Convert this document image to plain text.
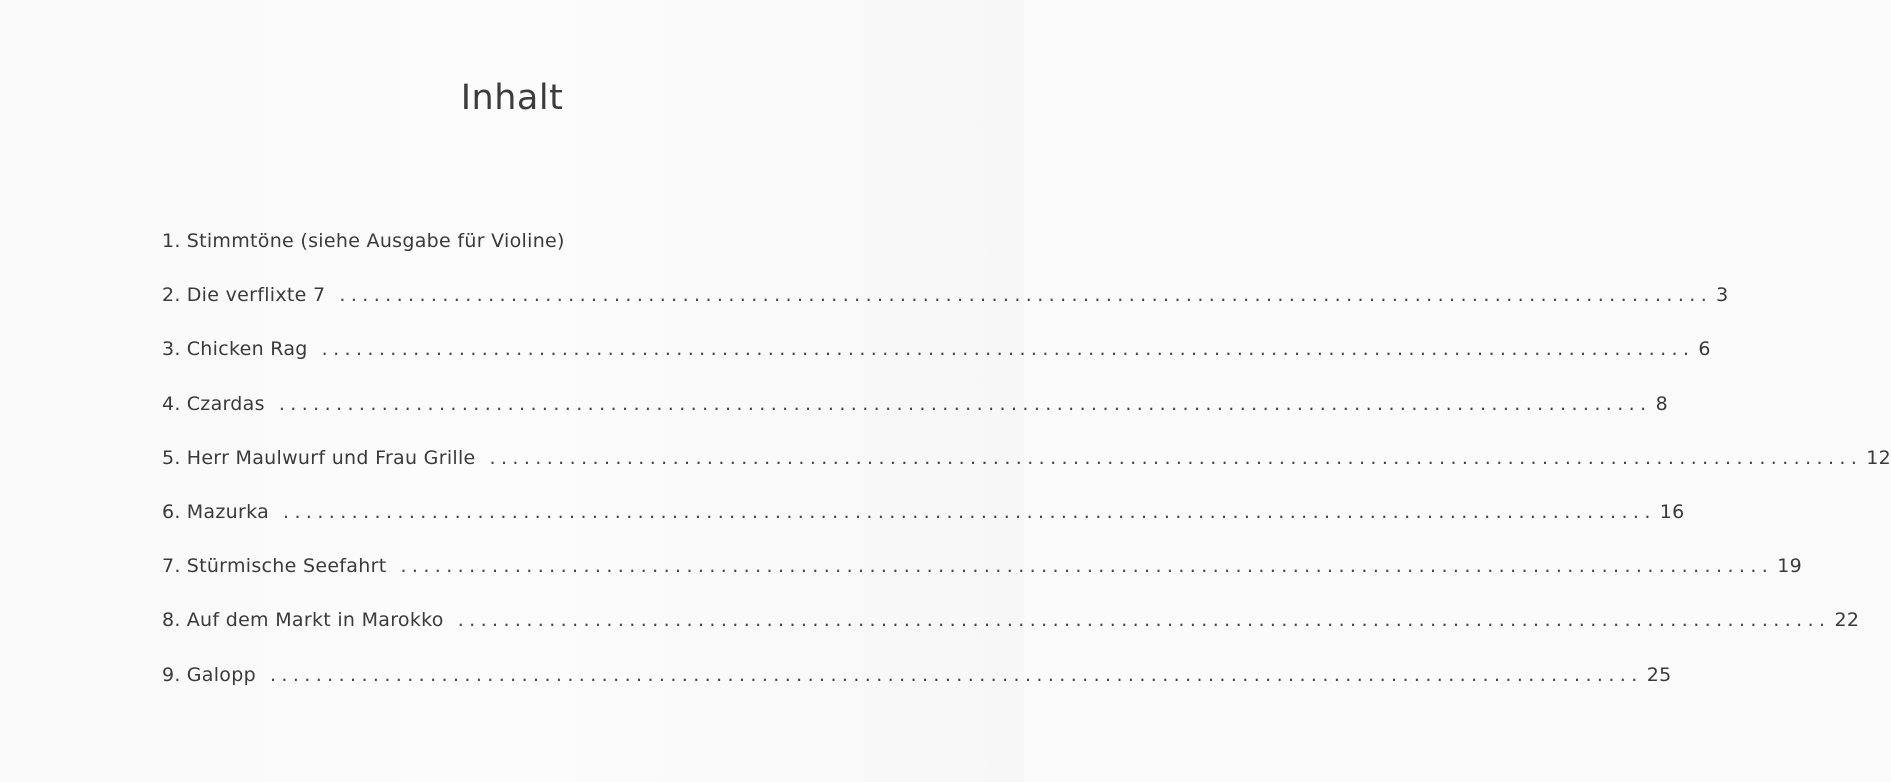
Inhalt
1. Stimmtöne (siehe Ausgabe für Violine)
2. Die verflixte 7 ........................................................................................................................ 3
3. Chicken Rag ........................................................................................................................ 6
4. Czardas ........................................................................................................................ 8
5. Herr Maulwurf und Frau Grille ........................................................................................................................ 12
6. Mazurka ........................................................................................................................ 16
7. Stürmische Seefahrt ........................................................................................................................ 19
8. Auf dem Markt in Marokko ........................................................................................................................ 22
9. Galopp ........................................................................................................................ 25
